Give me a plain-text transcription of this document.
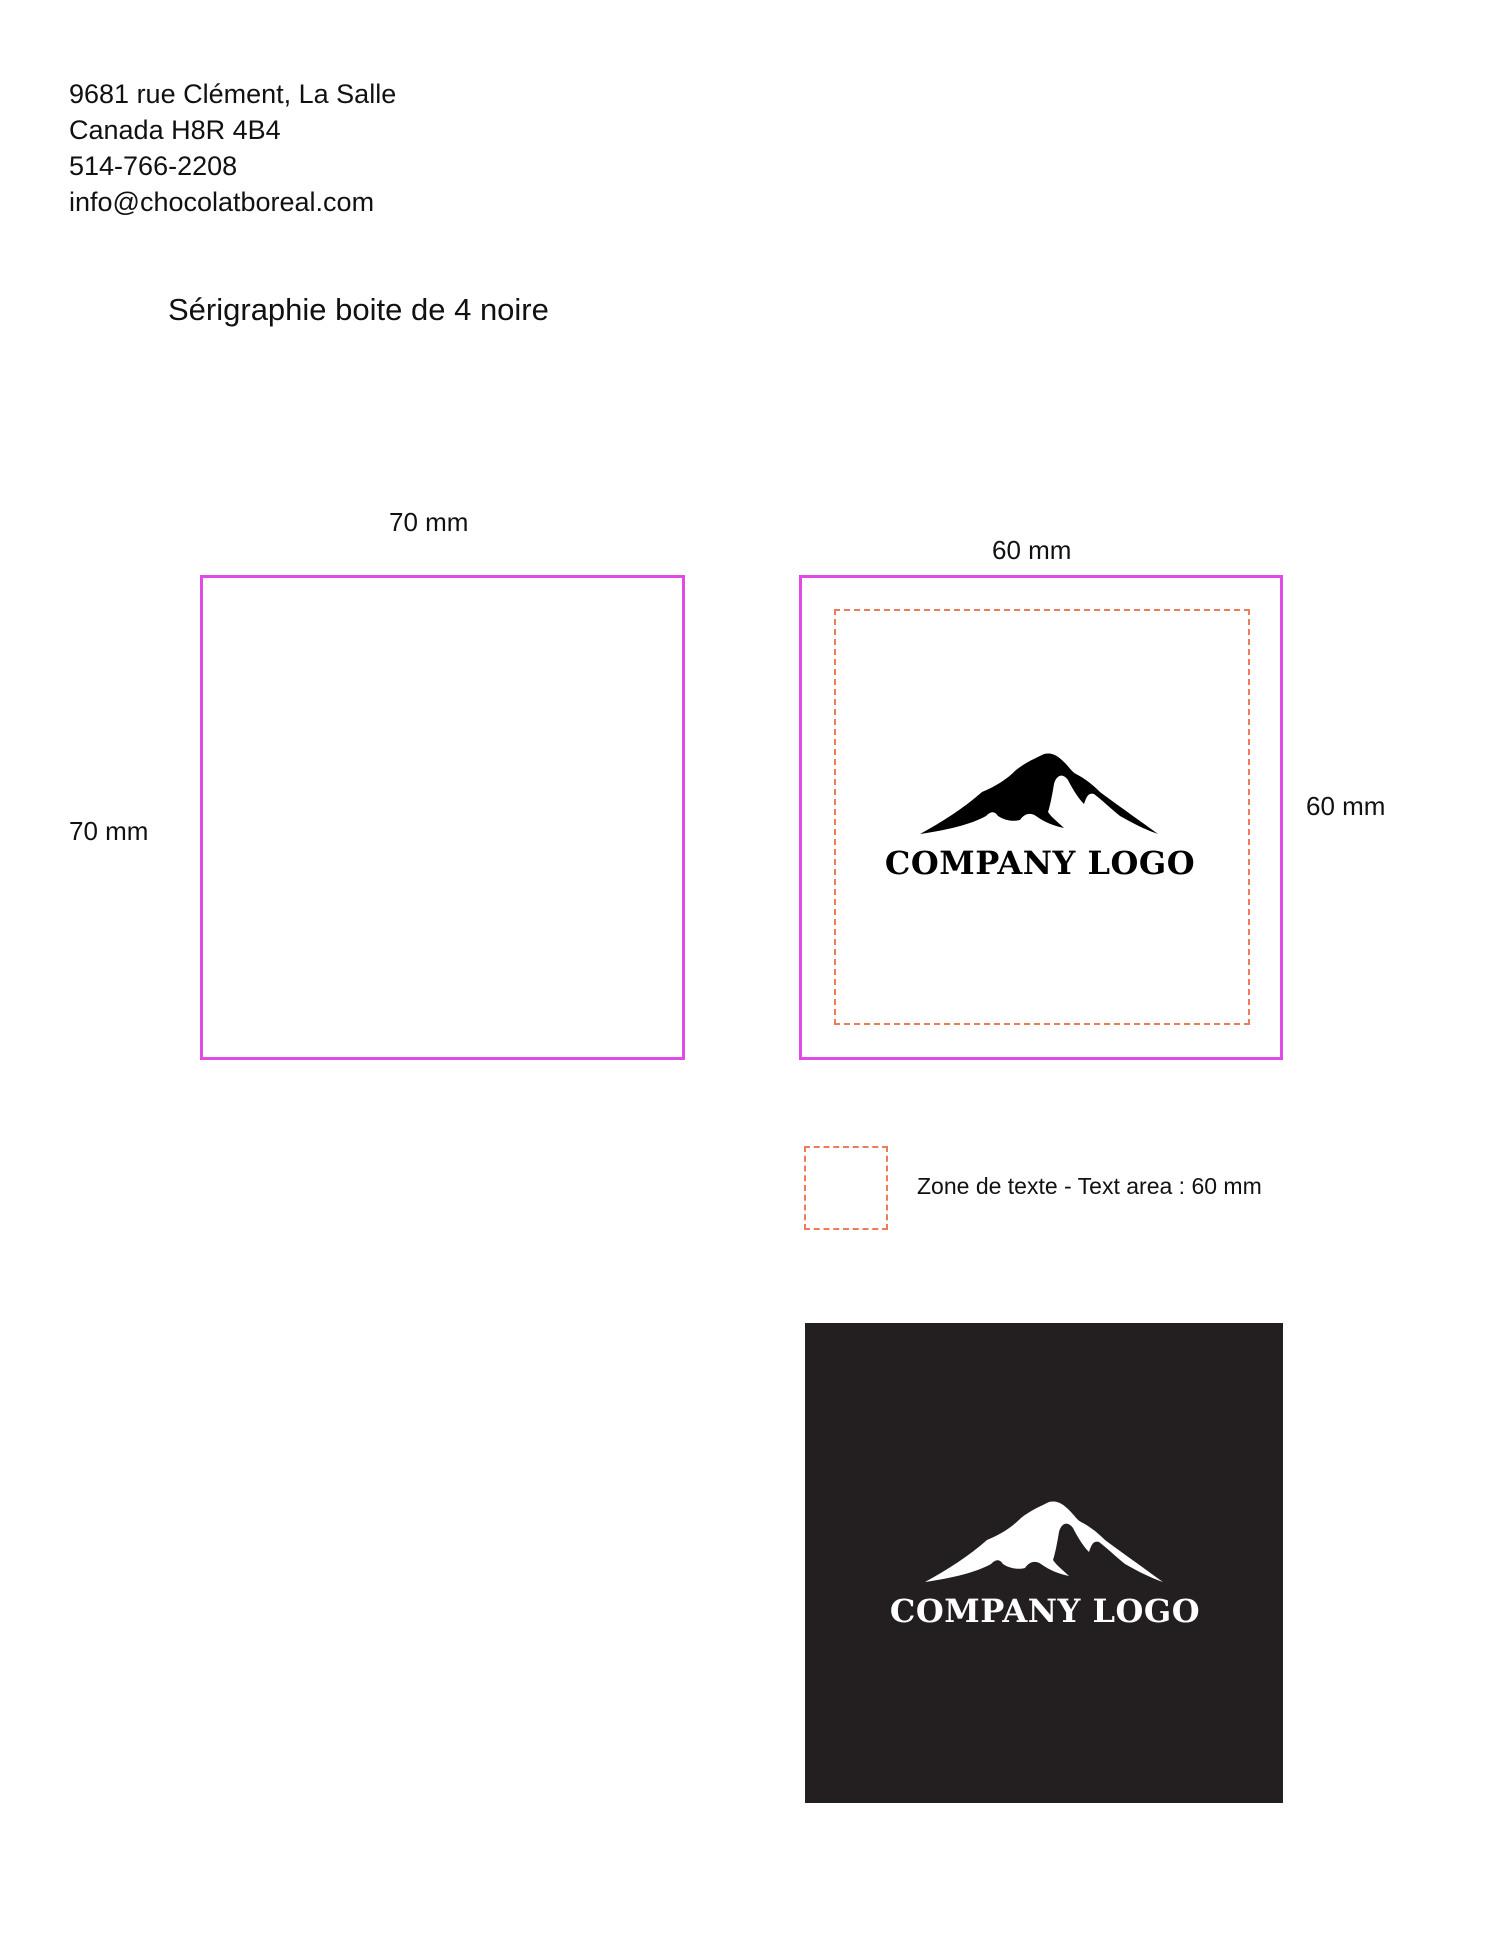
9681 rue Clément, La Salle
Canada H8R 4B4
514-766-2208
info@chocolatboreal.com
Sérigraphie boite de 4 noire
70 mm
70 mm
60 mm
60 mm
COMPANY LOGO
Zone de texte - Text area : 60 mm
COMPANY LOGO
